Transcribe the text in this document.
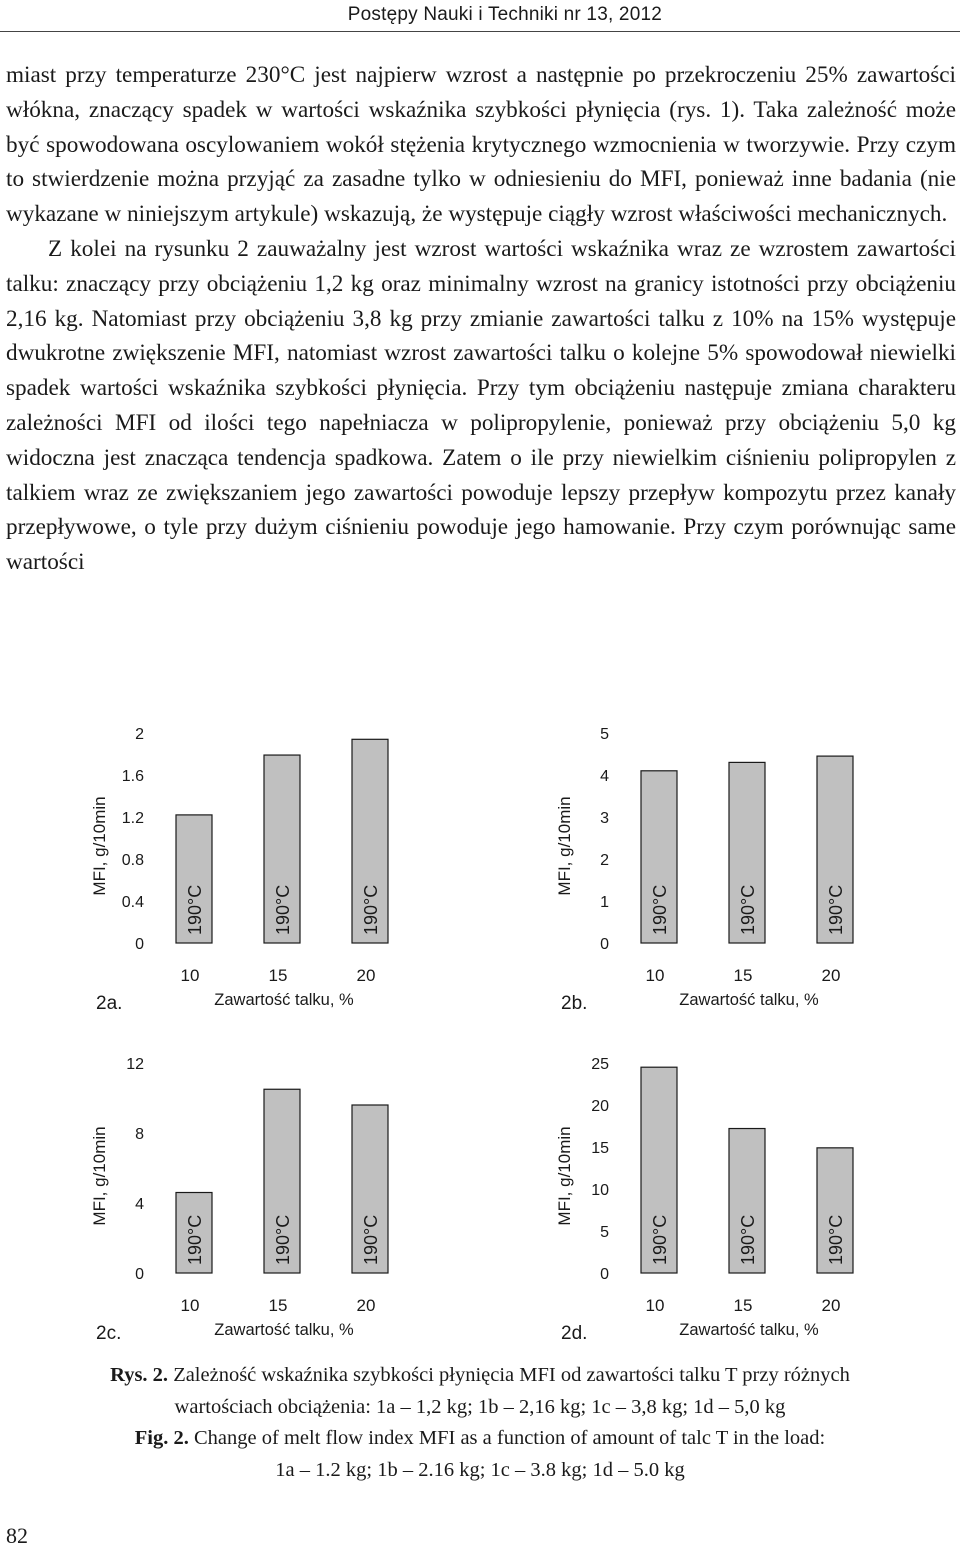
Postępy Nauki i Techniki nr 13, 2012

miast przy temperaturze 230°C jest najpierw wzrost a następnie po przekroczeniu 25% zawartości włókna, znaczący spadek w wartości wskaźnika szybkości płynięcia (rys. 1). Taka zależność może być spowodowana oscylowaniem wokół stężenia krytycznego wzmocnienia w tworzywie. Przy czym to stwierdzenie można przyjąć za zasadne tylko w odniesieniu do MFI, ponieważ inne badania (nie wykazane w niniejszym artykule) wskazują, że występuje ciągły wzrost właściwości mechanicznych.

Z kolei na rysunku 2 zauważalny jest wzrost wartości wskaźnika wraz ze wzrostem zawartości talku: znaczący przy obciążeniu 1,2 kg oraz minimalny wzrost na granicy istotności przy obciążeniu 2,16 kg. Natomiast przy obciążeniu 3,8 kg przy zmianie zawartości talku z 10% na 15% występuje dwukrotne zwiększenie MFI, natomiast wzrost zawartości talku o kolejne 5% spowodował niewielki spadek wartości wskaźnika szybkości płynięcia. Przy tym obciążeniu następuje zmiana charakteru zależności MFI od ilości tego napełniacza w polipropylenie, ponieważ przy obciążeniu 5,0 kg widoczna jest znacząca tendencja spadkowa. Zatem o ile przy niewielkim ciśnieniu polipropylen z talkiem wraz ze zwiększaniem jego zawartości powoduje lepszy przepływ kompozytu przez kanały przepływowe, o tyle przy dużym ciśnieniu powoduje jego hamowanie. Przy czym porównując same wartości

MFI, g/10min
0
0.4
0.8
1.2
1.6
2
190°C
10
190°C
15
190°C
20
2a.	Zawartość talku, %
MFI, g/10min
0
1
2
3
4
5
190°C
10
190°C
15
190°C
20
2b.	Zawartość talku, %
MFI, g/10min
0
4
8
12
190°C
10
190°C
15
190°C
20
2c.	Zawartość talku, %
MFI, g/10min
0
5
10
15
20
25
190°C
10
190°C
15
190°C
20
2d.	Zawartość talku, %
Rys. 2. Zależność wskaźnika szybkości płynięcia MFI od zawartości talku T przy różnych
wartościach obciążenia: 1a – 1,2 kg; 1b – 2,16 kg; 1c – 3,8 kg; 1d – 5,0 kg
Fig. 2. Change of melt flow index MFI as a function of amount of talc T in the load:
1a – 1.2 kg; 1b – 2.16 kg; 1c – 3.8 kg; 1d – 5.0 kg
82
